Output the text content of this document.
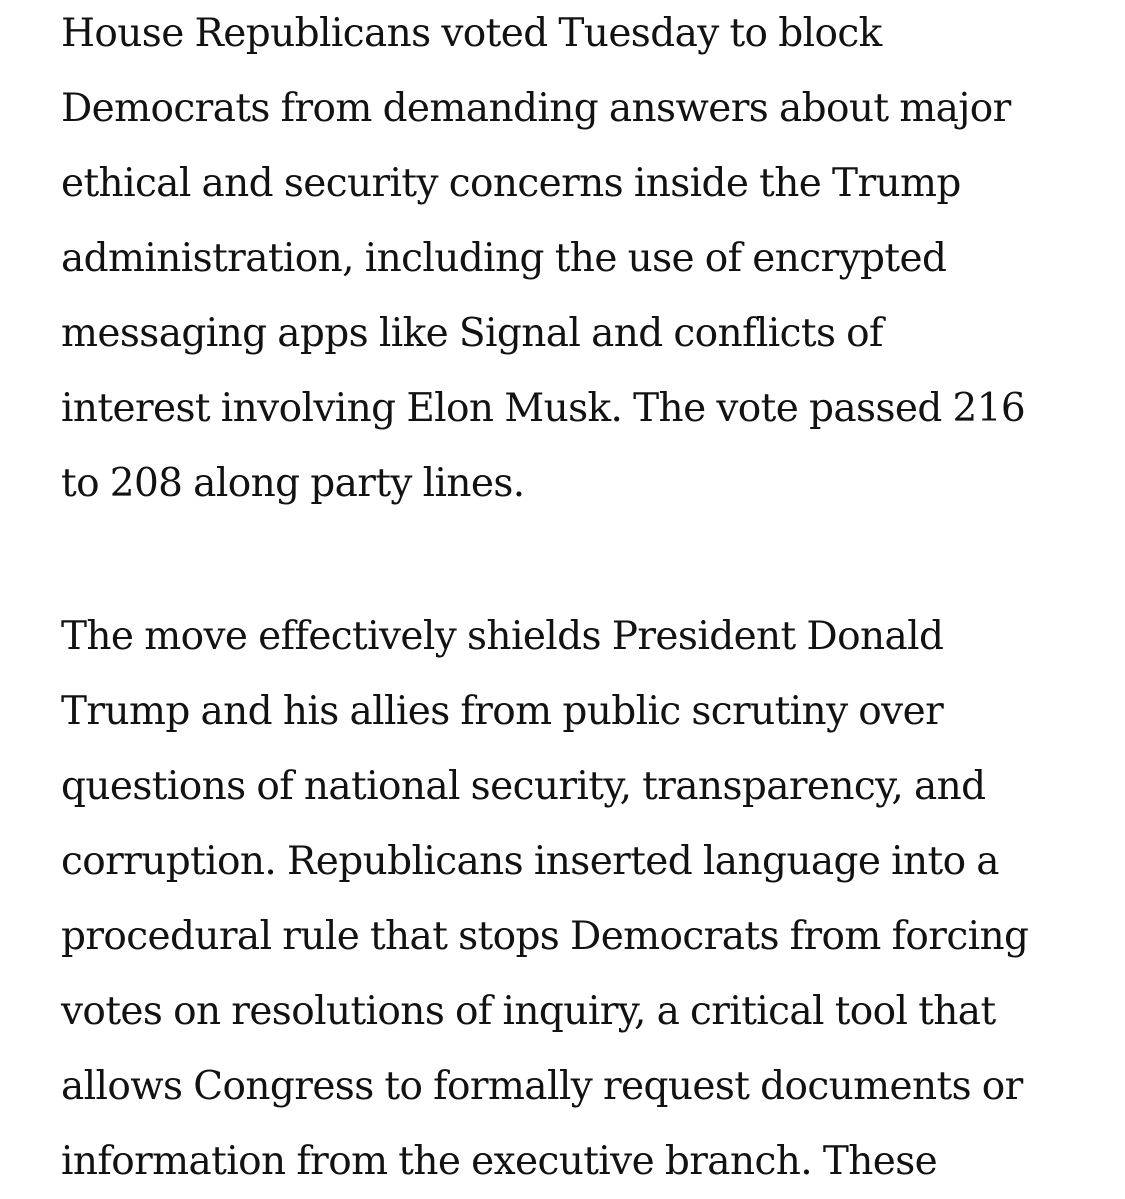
House Republicans voted Tuesday to block
Democrats from demanding answers about major
ethical and security concerns inside the Trump
administration, including the use of encrypted
messaging apps like Signal and conflicts of
interest involving Elon Musk. The vote passed 216
to 208 along party lines.

The move effectively shields President Donald
Trump and his allies from public scrutiny over
questions of national security, transparency, and
corruption. Republicans inserted language into a
procedural rule that stops Democrats from forcing
votes on resolutions of inquiry, a critical tool that
allows Congress to formally request documents or
information from the executive branch. These
